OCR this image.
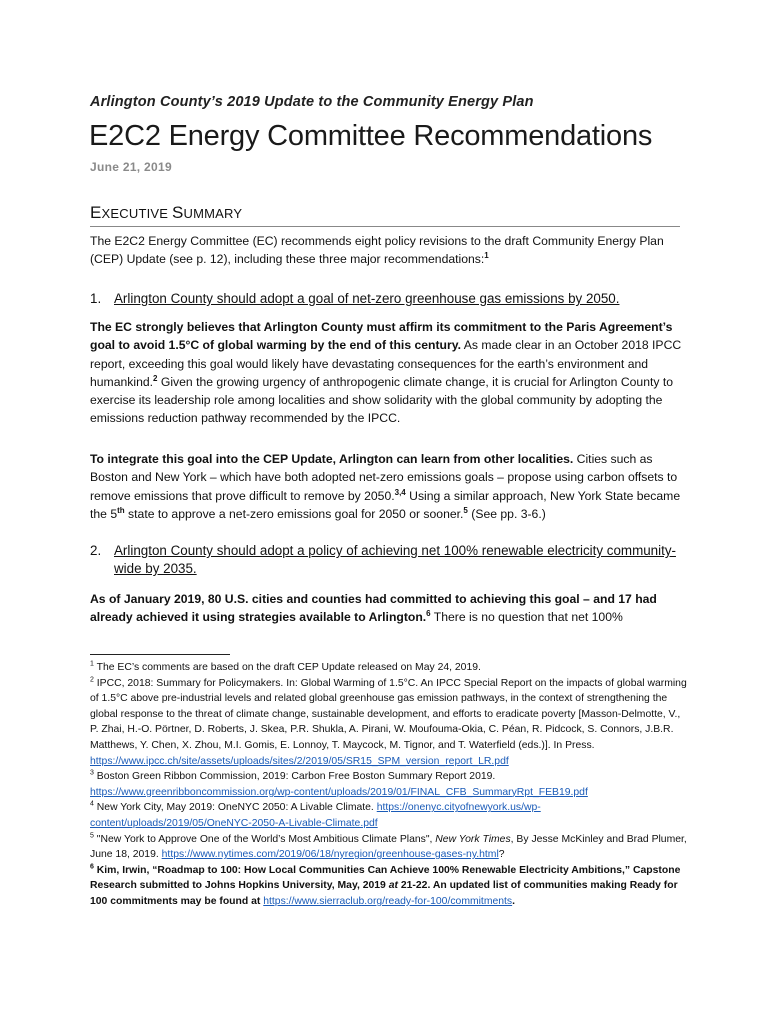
Arlington County’s 2019 Update to the Community Energy Plan
E2C2 Energy Committee Recommendations
June 21, 2019
EXECUTIVE SUMMARY
The E2C2 Energy Committee (EC) recommends eight policy revisions to the draft Community Energy Plan (CEP) Update (see p. 12), including these three major recommendations:$^1$
1. Arlington County should adopt a goal of net-zero greenhouse gas emissions by 2050.
The EC strongly believes that Arlington County must affirm its commitment to the Paris Agreement’s goal to avoid 1.5°C of global warming by the end of this century. As made clear in an October 2018 IPCC report, exceeding this goal would likely have devastating consequences for the earth’s environment and humankind.$^2$ Given the growing urgency of anthropogenic climate change, it is crucial for Arlington County to exercise its leadership role among localities and show solidarity with the global community by adopting the emissions reduction pathway recommended by the IPCC.
To integrate this goal into the CEP Update, Arlington can learn from other localities. Cities such as Boston and New York – which have both adopted net-zero emissions goals – propose using carbon offsets to remove emissions that prove difficult to remove by 2050.$^{3,4}$ Using a similar approach, New York State became the 5th state to approve a net-zero emissions goal for 2050 or sooner.$^5$ (See pp. 3-6.)
2. Arlington County should adopt a policy of achieving net 100% renewable electricity community-wide by 2035.
As of January 2019, 80 U.S. cities and counties had committed to achieving this goal – and 17 had already achieved it using strategies available to Arlington.$^6$ There is no question that net 100%
$^1$ The EC’s comments are based on the draft CEP Update released on May 24, 2019.
$^2$ IPCC, 2018: Summary for Policymakers. In: Global Warming of 1.5°C. An IPCC Special Report on the impacts of global warming of 1.5°C above pre-industrial levels and related global greenhouse gas emission pathways, in the context of strengthening the global response to the threat of climate change, sustainable development, and efforts to eradicate poverty [Masson-Delmotte, V., P. Zhai, H.-O. Pörtner, D. Roberts, J. Skea, P.R. Shukla, A. Pirani, W. Moufouma-Okia, C. Péan, R. Pidcock, S. Connors, J.B.R. Matthews, Y. Chen, X. Zhou, M.I. Gomis, E. Lonnoy, T. Maycock, M. Tignor, and T. Waterfield (eds.)]. In Press.
https://www.ipcc.ch/site/assets/uploads/sites/2/2019/05/SR15_SPM_version_report_LR.pdf
$^3$ Boston Green Ribbon Commission, 2019: Carbon Free Boston Summary Report 2019.
https://www.greenribboncommission.org/wp-content/uploads/2019/01/FINAL_CFB_SummaryRpt_FEB19.pdf
$^4$ New York City, May 2019: OneNYC 2050: A Livable Climate. https://onenyc.cityofnewyork.us/wp-content/uploads/2019/05/OneNYC-2050-A-Livable-Climate.pdf
$^5$ "New York to Approve One of the World’s Most Ambitious Climate Plans", New York Times, By Jesse McKinley and Brad Plumer, June 18, 2019. https://www.nytimes.com/2019/06/18/nyregion/greenhouse-gases-ny.html?
$^6$ Kim, Irwin, “Roadmap to 100: How Local Communities Can Achieve 100% Renewable Electricity Ambitions,” Capstone Research submitted to Johns Hopkins University, May, 2019 at 21-22. An updated list of communities making Ready for 100 commitments may be found at https://www.sierraclub.org/ready-for-100/commitments.
